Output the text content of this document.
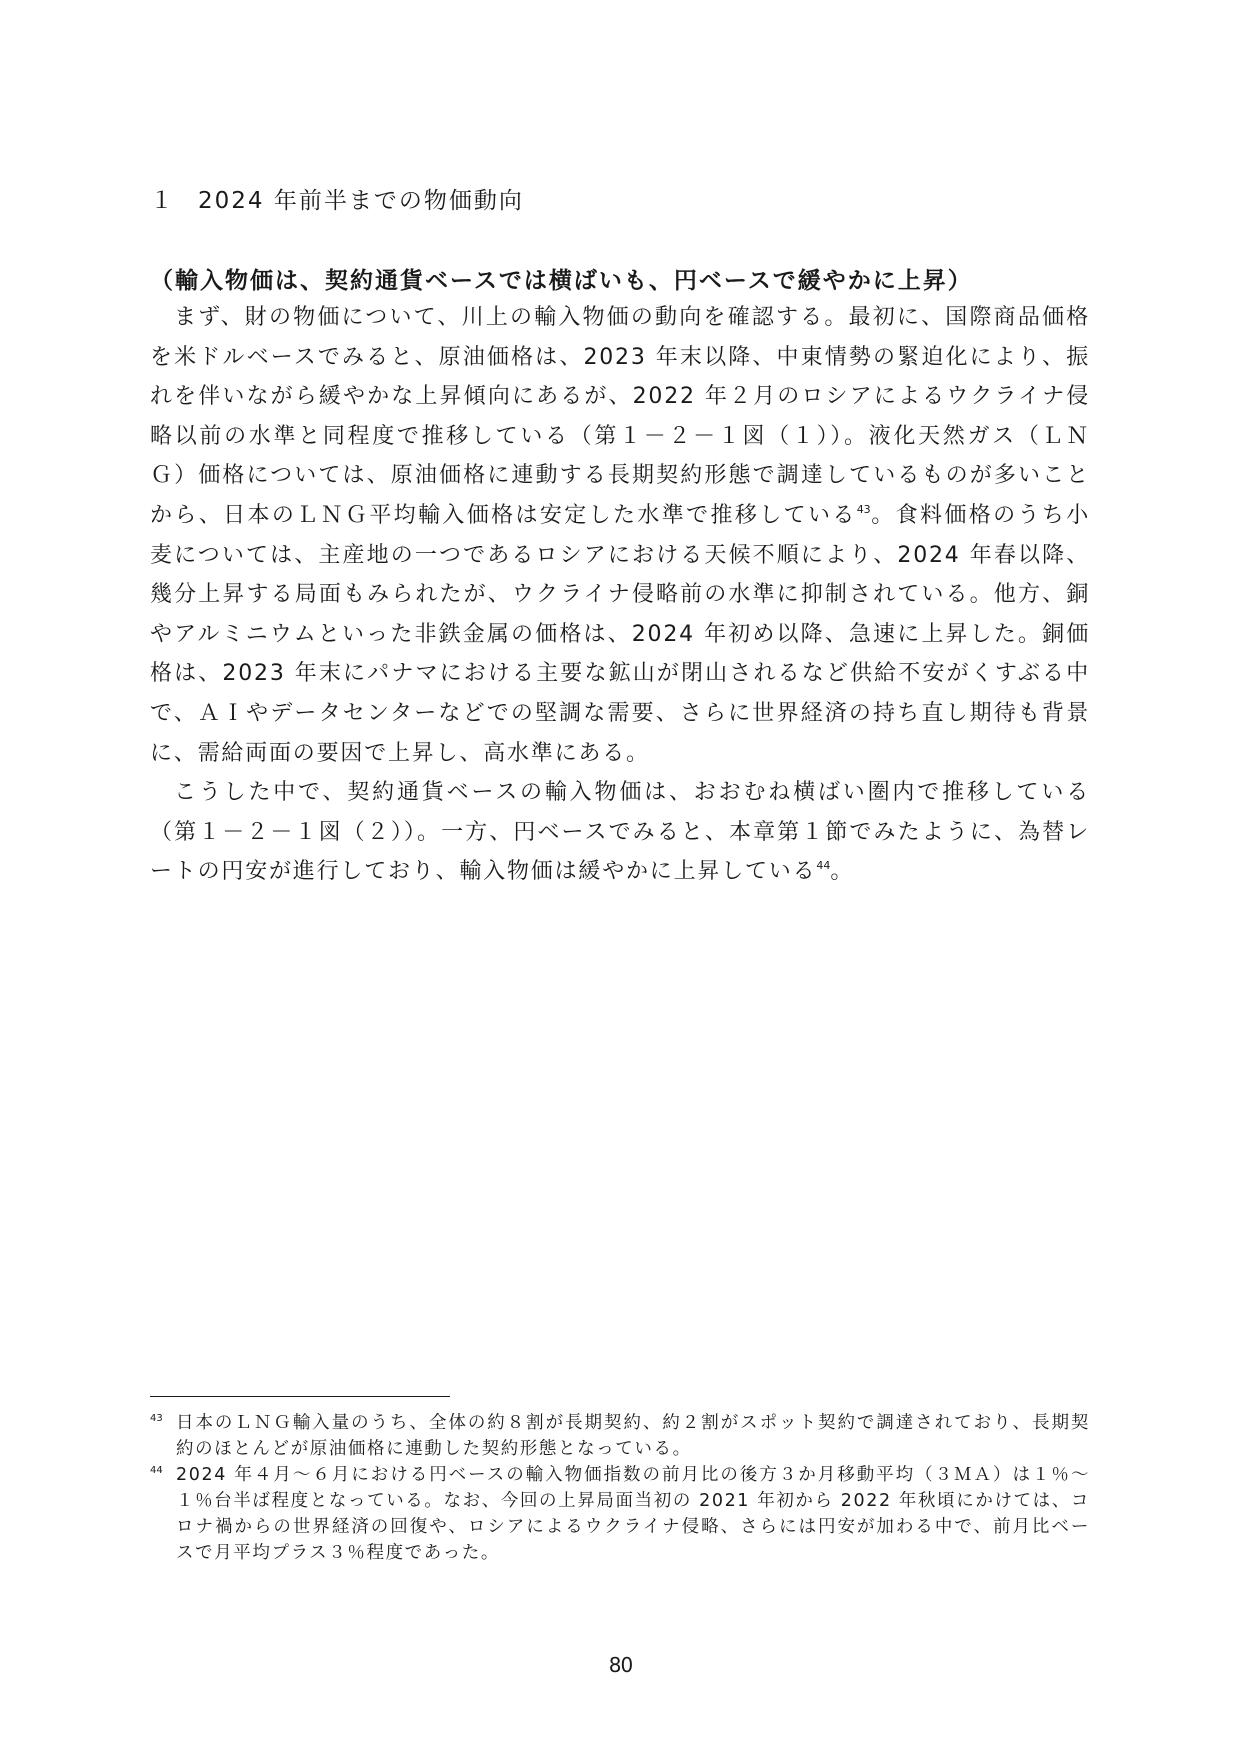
１ 2024 年前半までの物価動向
（輸入物価は、契約通貨ベースでは横ばいも、円ベースで緩やかに上昇）

まず、財の物価について、川上の輸入物価の動向を確認する。最初に、国際商品価格を米ドルベースでみると、原油価格は、2023 年末以降、中東情勢の緊迫化により、振れを伴いながら緩やかな上昇傾向にあるが、2022 年２月のロシアによるウクライナ侵略以前の水準と同程度で推移している（第１－２－１図（１））。液化天然ガス（ＬＮＧ）価格については、原油価格に連動する長期契約形態で調達しているものが多いことから、日本のＬＮＧ平均輸入価格は安定した水準で推移している$^{43}$。食料価格のうち小麦については、主産地の一つであるロシアにおける天候不順により、2024 年春以降、幾分上昇する局面もみられたが、ウクライナ侵略前の水準に抑制されている。他方、銅やアルミニウムといった非鉄金属の価格は、2024 年初め以降、急速に上昇した。銅価格は、2023 年末にパナマにおける主要な鉱山が閉山されるなど供給不安がくすぶる中で、ＡＩやデータセンターなどでの堅調な需要、さらに世界経済の持ち直し期待も背景に、需給両面の要因で上昇し、高水準にある。

こうした中で、契約通貨ベースの輸入物価は、おおむね横ばい圏内で推移している（第１－２－１図（２））。一方、円ベースでみると、本章第１節でみたように、為替レートの円安が進行しており、輸入物価は緩やかに上昇している$^{44}$。

43 日本のＬＮＧ輸入量のうち、全体の約８割が長期契約、約２割がスポット契約で調達されており、長期契約のほとんどが原油価格に連動した契約形態となっている。
44 2024 年４月～６月における円ベースの輸入物価指数の前月比の後方３か月移動平均（３ＭＡ）は１％～１％台半ば程度となっている。なお、今回の上昇局面当初の 2021 年初から 2022 年秋頃にかけては、コロナ禍からの世界経済の回復や、ロシアによるウクライナ侵略、さらには円安が加わる中で、前月比ベースで月平均プラス３％程度であった。
80
